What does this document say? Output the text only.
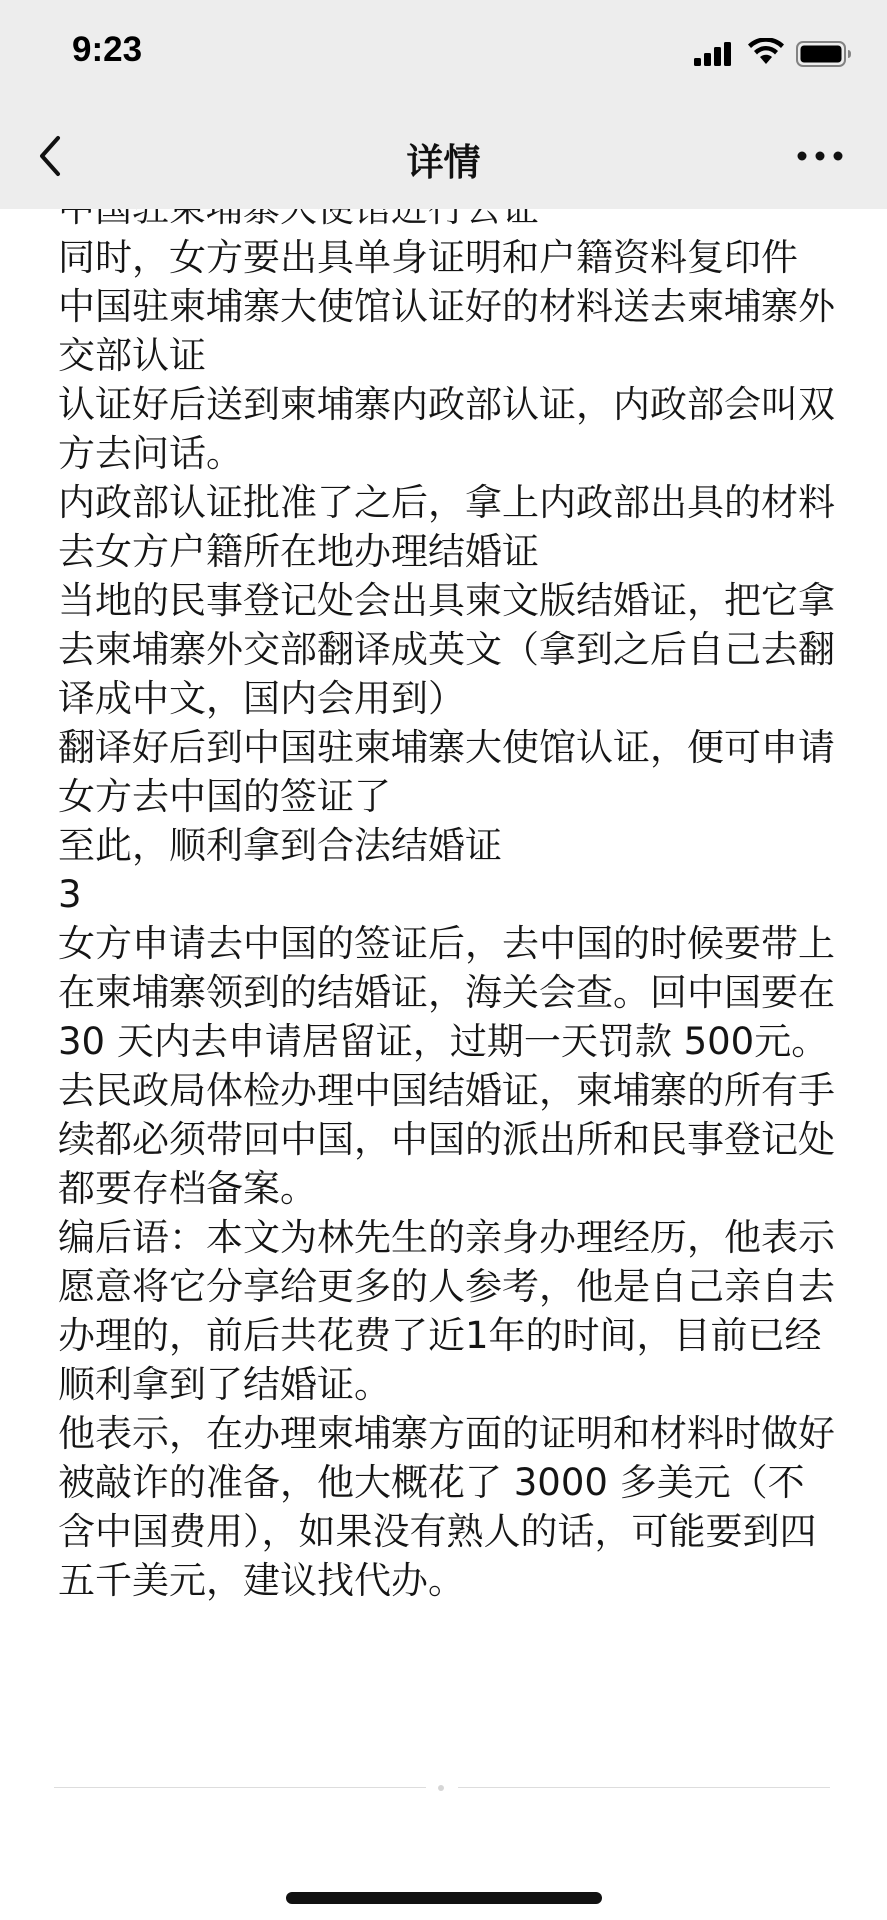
同时，女方要出具单身证明和户籍资料复印件

中国驻柬埔寨大使馆认证好的材料送去柬埔寨外交部认证

认证好后送到柬埔寨内政部认证，内政部会叫双方去问话。

内政部认证批准了之后，拿上内政部出具的材料去女方户籍所在地办理结婚证

当地的民事登记处会出具柬文版结婚证，把它拿去柬埔寨外交部翻译成英文（拿到之后自己去翻译成中文，国内会用到）

翻译好后到中国驻柬埔寨大使馆认证，便可申请女方去中国的签证了

至此，顺利拿到合法结婚证

3

女方申请去中国的签证后，去中国的时候要带上在柬埔寨领到的结婚证，海关会查。回中国要在 30 天内去申请居留证，过期一天罚款 500元。

去民政局体检办理中国结婚证，柬埔寨的所有手续都必须带回中国，中国的派出所和民事登记处都要存档备案。

编后语：本文为林先生的亲身办理经历，他表示愿意将它分享给更多的人参考，他是自己亲自去办理的，前后共花费了近1年的时间，目前已经顺利拿到了结婚证。

他表示，在办理柬埔寨方面的证明和材料时做好被敲诈的准备，他大概花了 3000 多美元（不含中国费用），如果没有熟人的话，可能要到四五千美元，建议找代办。

9:23
详情
